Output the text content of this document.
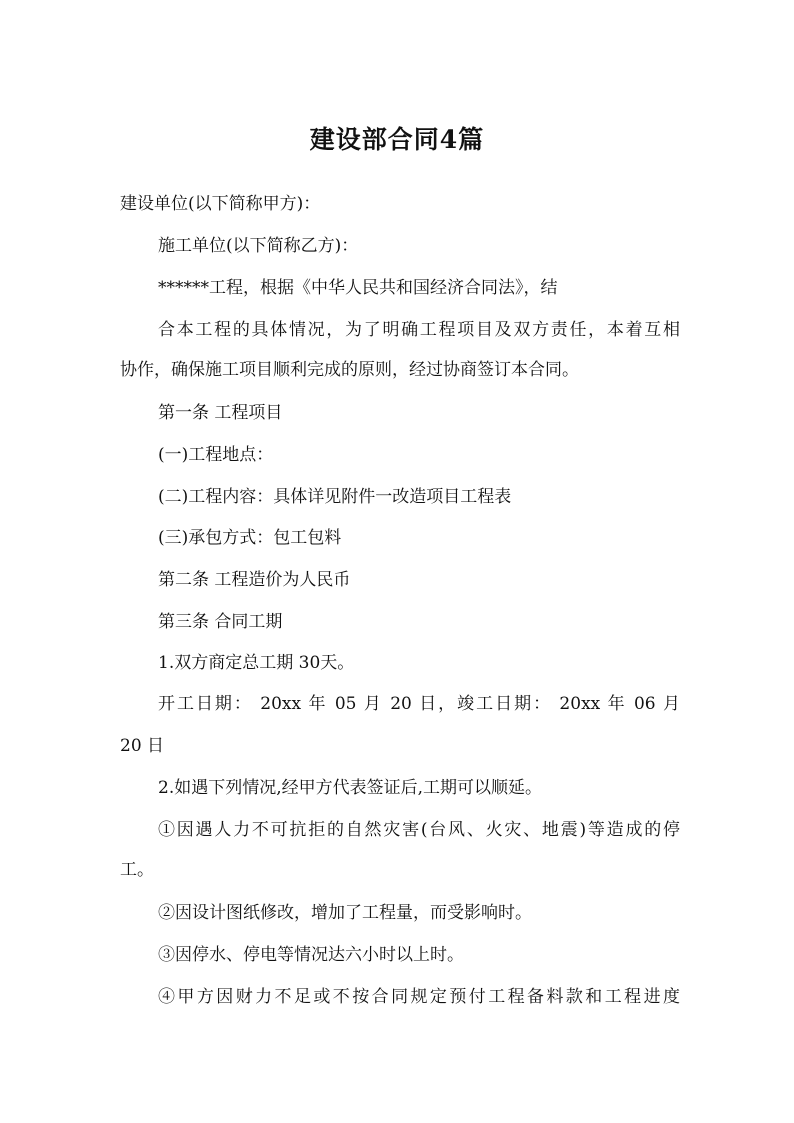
建设部合同4篇
建设单位(以下简称甲方)：
施工单位(以下简称乙方)：
******工程，根据《中华人民共和国经济合同法》，结
合本工程的具体情况，为了明确工程项目及双方责任，本着互相
协作，确保施工项目顺利完成的原则，经过协商签订本合同。
第一条 工程项目
(一)工程地点：
(二)工程内容：具体详见附件一改造项目工程表
(三)承包方式：包工包料
第二条 工程造价为人民币
第三条 合同工期
1.双方商定总工期 30天。
开工日期： 20xx 年 05 月 20 日，竣工日期： 20xx 年 06 月
20 日
2.如遇下列情况,经甲方代表签证后,工期可以顺延。
①因遇人力不可抗拒的自然灾害(台风、火灾、地震)等造成的停
工。
②因设计图纸修改，增加了工程量，而受影响时。
③因停水、停电等情况达六小时以上时。
④甲方因财力不足或不按合同规定预付工程备料款和工程进度
